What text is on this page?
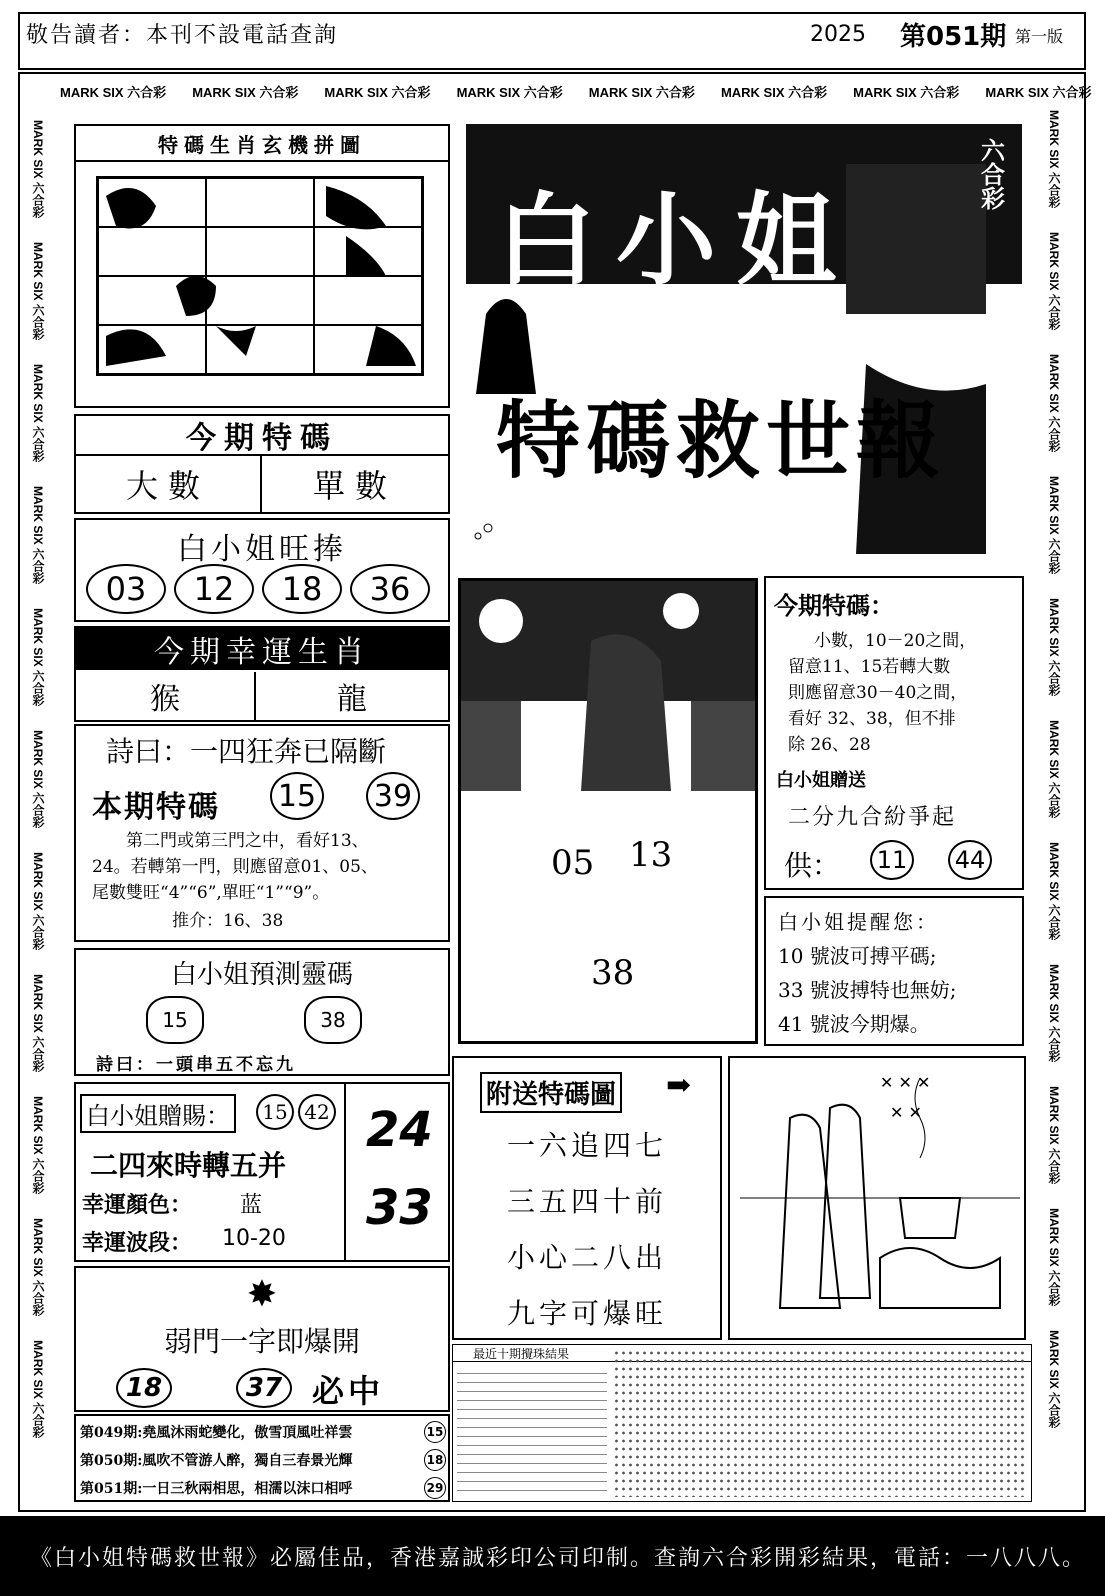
敬告讀者：本刊不設電話查詢	2025 第051期 第一版
MARK SIX 六合彩　　 MARK SIX 六合彩　　 MARK SIX 六合彩　　 MARK SIX 六合彩　　 MARK SIX 六合彩　　 MARK SIX 六合彩　　 MARK SIX 六合彩　　 MARK SIX 六合彩
MARK SIX 六合彩　　MARK SIX 六合彩　　MARK SIX 六合彩　　MARK SIX 六合彩　　MARK SIX 六合彩　　MARK SIX 六合彩　　MARK SIX 六合彩　　MARK SIX 六合彩　　MARK SIX 六合彩　　MARK SIX 六合彩　　MARK SIX 六合彩
MARK SIX 六合彩　　MARK SIX 六合彩　　MARK SIX 六合彩　　MARK SIX 六合彩　　MARK SIX 六合彩　　MARK SIX 六合彩　　MARK SIX 六合彩　　MARK SIX 六合彩　　MARK SIX 六合彩　　MARK SIX 六合彩　　MARK SIX 六合彩
特碼生肖玄機拼圖
今期特碼
大數	單數
白小姐旺捧
03	12	18	36
今期幸運生肖
猴	龍
詩曰：一四狂奔已隔斷
本期特碼 15 39
第二門或第三門之中，看好13、
24。若轉第一門，則應留意01、05、
尾數雙旺“4”“6”,單旺“1”“9”。
推介：16、38
白小姐預測靈碼
15	38
詩曰：一頭串五不忘九
白小姐贈賜：	15 42
二四來時轉五并
幸運顏色： 蓝
幸運波段： 10-20
24
33
✸
弱門一字即爆開
18	37 必中
第049期: 堯風沐雨蛇變化，傲雪頂風吐祥雲	15
第050期: 風吹不管游人醉，獨自三春景光輝	18
第051期: 一日三秋兩相思，相濡以沫口相呼	29
白小姐
特碼救世報
六合彩
05 13
38
今期特碼：
小數，10－20之間，
留意11、15若轉大數
則應留意30－40之間，
看好 32、38，但不排
除 26、28
白小姐贈送
二分九合紛爭起
供： 11 44
白小姐提醒您：
10 號波可搏平碼;
33 號波搏特也無妨;
41 號波今期爆。
附送特碼圖 ➡
一六追四七
三五四十前
小心二八出
九字可爆旺
✕ ✕ ✕
✕ ✕
最近十期攪珠結果
《白小姐特碼救世報》必屬佳品，香港嘉誠彩印公司印制。查詢六合彩開彩結果，電話：一八八八。
